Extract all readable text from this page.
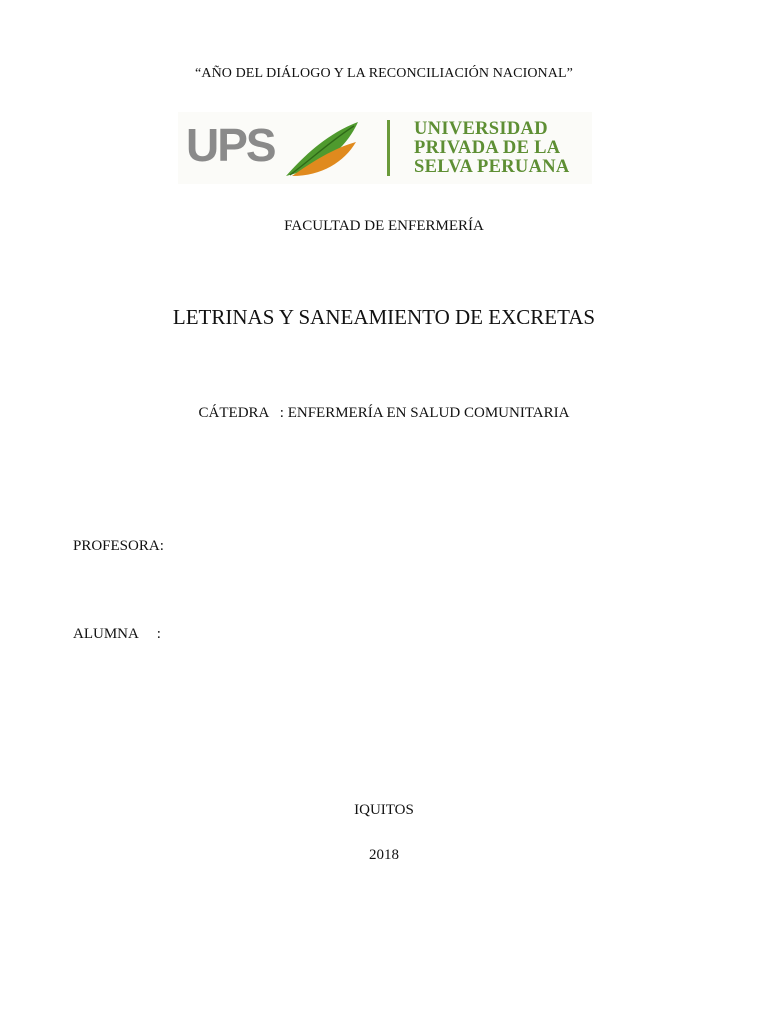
“AÑO DEL DIÁLOGO Y LA RECONCILIACIÓN NACIONAL”
UPS	UNIVERSIDAD
PRIVADA DE LA
SELVA PERUANA
FACULTAD DE ENFERMERÍA
LETRINAS Y SANEAMIENTO DE EXCRETAS
CÁTEDRA   : ENFERMERÍA EN SALUD COMUNITARIA
PROFESORA:
ALUMNA     :
IQUITOS
2018
